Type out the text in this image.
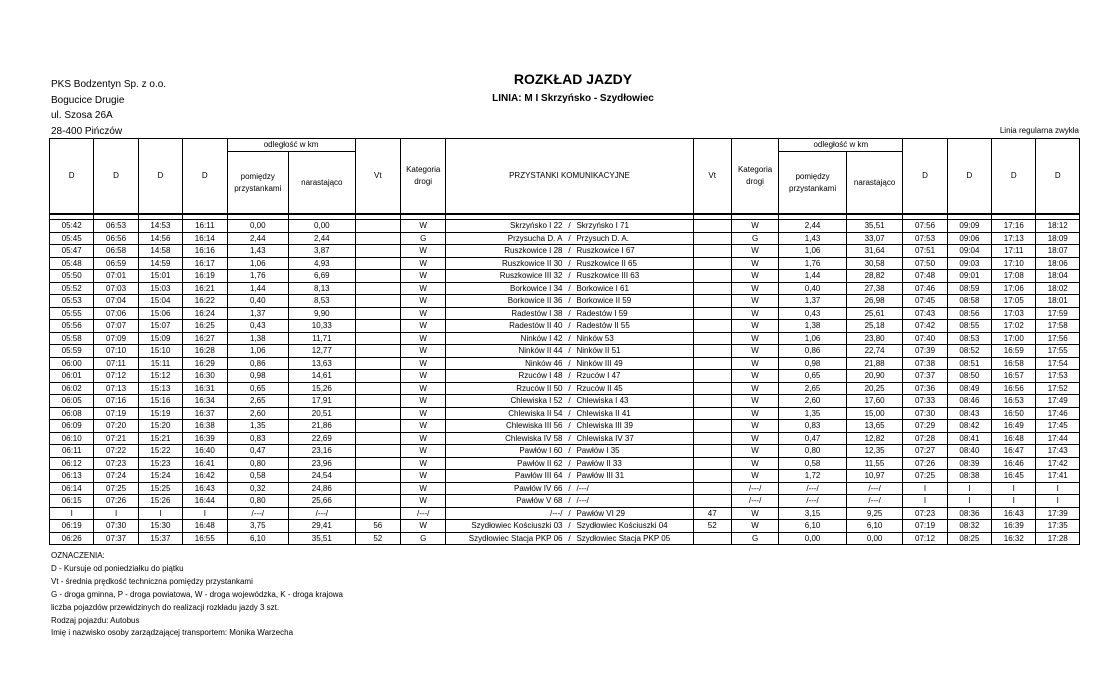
PKS Bodzentyn Sp. z o.o.
Bogucice Drugie
ul. Szosa 26A
28-400 Pińczów
ROZKŁAD JAZDY
LINIA: M I Skrzyńsko - Szydłowiec
Linia regularna zwykła
D	D	D	D	odległość w km		Vt	Kategoria drogi	PRZYSTANKI KOMUNIKACYJNE	Vt	Kategoria drogi	odległość w km		D	D	D	D
				pomiędzy przystankami	narastająco						pomiędzy przystankami	narastająco				

05:42	06:53	14:53	16:11	0,00	0,00		W	Skrzyńsko I 22 / Skrzyńsko I 71		W	2,44	35,51	07:56	09:09	17:16	18:12
05:45	06:56	14:56	16:14	2,44	2,44		G	Przysucha D. A / Przysuch D. A.		G	1,43	33,07	07:53	09:06	17:13	18:09
05:47	06:58	14:58	16:16	1,43	3,87		W	Ruszkowice I 28 / Ruszkowice I 67		W	1,06	31,64	07:51	09:04	17:11	18:07
05:48	06:59	14:59	16:17	1,06	4,93		W	Ruszkowice II 30 / Ruszkowice II 65		W	1,76	30,58	07:50	09:03	17:10	18:06
05:50	07:01	15:01	16:19	1,76	6,69		W	Ruszkowice III 32 / Ruszkowice III 63		W	1,44	28,82	07:48	09:01	17:08	18:04
05:52	07:03	15:03	16:21	1,44	8,13		W	Borkowice I 34 / Borkowice I 61		W	0,40	27,38	07:46	08:59	17:06	18:02
05:53	07:04	15:04	16:22	0,40	8,53		W	Borkowice II 36 / Borkowice II 59		W	1,37	26,98	07:45	08:58	17:05	18:01
05:55	07:06	15:06	16:24	1,37	9,90		W	Radestów I 38 / Radestów I 59		W	0,43	25,61	07:43	08:56	17:03	17:59
05:56	07:07	15:07	16:25	0,43	10,33		W	Radestów II 40 / Radestów II 55		W	1,38	25,18	07:42	08:55	17:02	17:58
05:58	07:09	15:09	16:27	1,38	11,71		W	Ninków I 42 / Ninków 53		W	1,06	23,80	07:40	08:53	17:00	17:56
05:59	07:10	15:10	16:28	1,06	12,77		W	Ninków II 44 / Ninków II 51		W	0,86	22,74	07:39	08:52	16:59	17:55
06:00	07:11	15:11	16:29	0,86	13,63		W	Ninków 46 / Ninków III 49		W	0,98	21,88	07:38	08:51	16:58	17:54
06:01	07:12	15:12	16:30	0,98	14,61		W	Rzuców I 48 / Rzuców I 47		W	0,65	20,90	07:37	08:50	16:57	17:53
06:02	07:13	15:13	16:31	0,65	15,26		W	Rzuców II 50 / Rzuców II 45		W	2,65	20,25	07:36	08:49	16:56	17:52
06:05	07:16	15:16	16:34	2,65	17,91		W	Chlewiska I 52 / Chlewiska I 43		W	2,60	17,60	07:33	08:46	16:53	17:49
06:08	07:19	15:19	16:37	2,60	20,51		W	Chlewiska II 54 / Chlewiska II 41		W	1,35	15,00	07:30	08:43	16:50	17:46
06:09	07:20	15:20	16:38	1,35	21,86		W	Chlewiska III 56 / Chlewiska III 39		W	0,83	13,65	07:29	08:42	16:49	17:45
06:10	07:21	15:21	16:39	0,83	22,69		W	Chlewiska IV 58 / Chlewiska IV 37		W	0,47	12,82	07:28	08:41	16:48	17:44
06:11	07:22	15:22	16:40	0,47	23,16		W	Pawłów I 60 / Pawłów I 35		W	0,80	12,35	07:27	08:40	16:47	17:43
06:12	07:23	15:23	16:41	0,80	23,96		W	Pawłów II 62 / Pawłów II 33		W	0,58	11,55	07:26	08:39	16:46	17:42
06:13	07:24	15:24	16:42	0,58	24,54		W	Pawłów III 64 / Pawłów III 31		W	1,72	10,97	07:25	08:38	16:45	17:41
06:14	07:25	15:25	16:43	0,32	24,86		W	Pawłów IV 66 / /---/		/---/	/---/	/---/	I	I	I	I
06:15	07:26	15:26	16:44	0,80	25,66		W	Pawłów V 68 / /---/		/---/	/---/	/---/	I	I	I	I
I	I	I	I	/---/	/---/		/---/	/---/ / Pawłów VI 29	47	W	3,15	9,25	07:23	08:36	16:43	17:39
06:19	07:30	15:30	16:48	3,75	29,41	56	W	Szydłowiec Kościuszki 03 / Szydłowiec Kościuszki 04	52	W	6,10	6,10	07:19	08:32	16:39	17:35
06:26	07:37	15:37	16:55	6,10	35,51	52	G	Szydłowiec Stacja PKP 06 / Szydłowiec Stacja PKP 05		G	0,00	0,00	07:12	08:25	16:32	17:28
OZNACZENIA:
D - Kursuje od poniedziałku do piątku
Vt - średnia prędkość techniczna pomiędzy przystankami
G - droga gminna, P - droga powiatowa, W - droga wojewódzka, K - droga krajowa
liczba pojazdów przewidzinych do realizacji rozkładu jazdy 3 szt.
Rodzaj pojazdu: Autobus
Imię i nazwisko osoby zarządzającej transportem: Monika Warzecha
